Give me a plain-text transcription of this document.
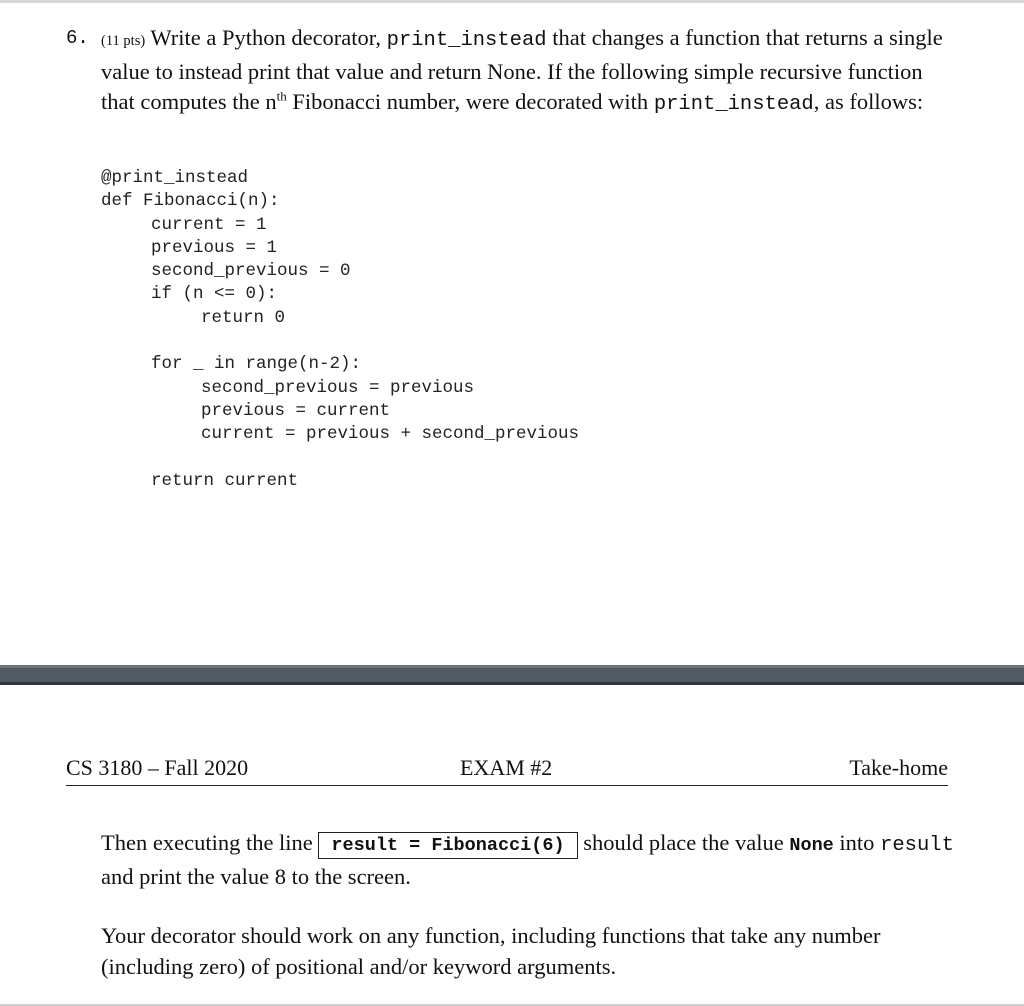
6. (11 pts) Write a Python decorator, print_instead that changes a function that returns a single value to instead print that value and return None. If the following simple recursive function that computes the $n^{th}$ Fibonacci number, were decorated with print_instead, as follows:
@print_instead
def Fibonacci(n):
current = 1
previous = 1
second_previous = 0
if (n <= 0):
return 0
for _ in range(n-2):
second_previous = previous
previous = current
current = previous + second_previous
return current
CS 3180 – Fall 2020	EXAM #2	Take-home
Then executing the line result = Fibonacci(6) should place the value None into result and print the value 8 to the screen.
Your decorator should work on any function, including functions that take any number (including zero) of positional and/or keyword arguments.
